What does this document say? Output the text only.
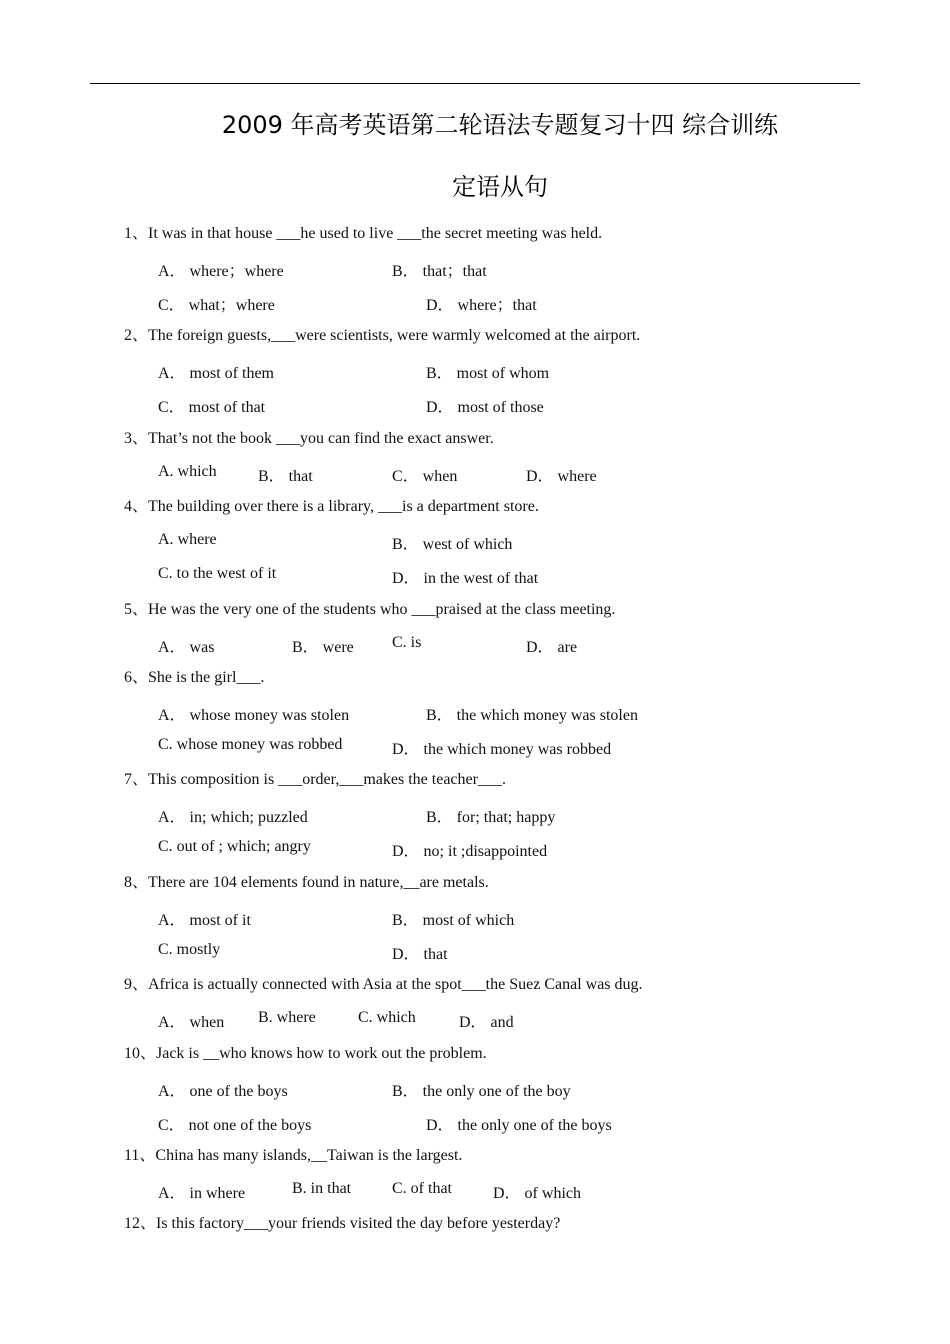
2009 年高考英语第二轮语法专题复习十四 综合训练
定语从句
1、It was in that house ___he used to live ___the secret meeting was held.
A． where；where	B． that；that
C． what；where	D． where；that
2、The foreign guests,___were scientists, were warmly welcomed at the airport.
A． most of them	B． most of whom
C． most of that	D． most of those
3、That’s not the book ___you can find the exact answer.
A. which	B． that	C． when	D． where
4、The building over there is a library, ___is a department store.
A. where	B． west of which
C. to the west of it	D． in the west of that
5、He was the very one of the students who ___praised at the class meeting.
A． was	B． were C. is	D． are
6、She is the girl___.
A． whose money was stolen	B． the which money was stolen
C. whose money was robbed	D． the which money was robbed
7、This composition is ___order,___makes the teacher___.
A． in; which; puzzled	B． for; that; happy
C. out of ; which; angry	D． no; it ;disappointed
8、There are 104 elements found in nature,__are metals.
A． most of it	B． most of which
C. mostly	D． that
9、Africa is actually connected with Asia at the spot___the Suez Canal was dug.
A． when B. where	C. which	D． and
10、Jack is __who knows how to work out the problem.
A． one of the boys	B． the only one of the boy
C． not one of the boys	D． the only one of the boys
11、China has many islands,__Taiwan is the largest.
A． in where	B. in that	C. of that	D． of which
12、Is this factory___your friends visited the day before yesterday?
